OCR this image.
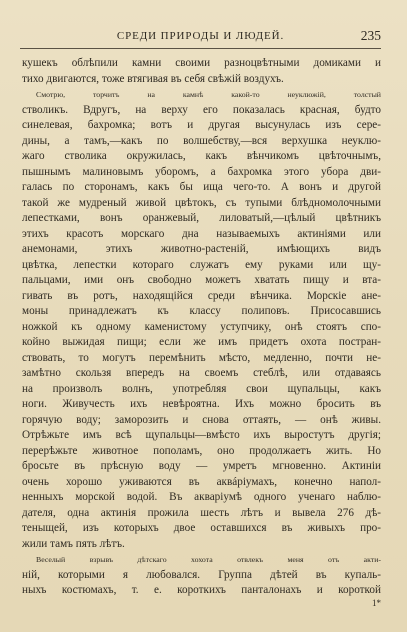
СРЕДИ ПРИРОДЫ И ЛЮДЕЙ.	235
кушекъ облѣпили камни своими разноцвѣтными домиками и
тихо двигаются, тоже втягивая въ себя свѣжій воздухъ.
Смотрю, торчитъ на камнѣ какой-то неуклюжій, толстый
стволикъ. Вдругъ, на верху его показалась красная, будто
синелевая, бахромка; вотъ и другая высунулась изъ сере-
дины, а тамъ,—какъ по волшебству,—вся верхушка неуклю-
жаго стволика окружилась, какъ вѣнчикомъ цвѣточнымъ,
пышнымъ малиновымъ уборомъ, а бахромка этого убора дви-
галась по сторонамъ, какъ бы ища чего-то. А вонъ и другой
такой же мудреный живой цвѣтокъ, съ тупыми блѣдномолочными
лепестками, вонъ оранжевый, лиловатый,—цѣлый цвѣтникъ
этихъ красотъ морскаго дна называемыхъ актиніями или
анемонами, этихъ животно-растеній, имѣющихъ видъ
цвѣтка, лепестки котораго служатъ ему руками или щу-
пальцами, ими онъ свободно можетъ хватать пищу и вта-
гивать въ ротъ, находящійся среди вѣнчика. Морскіе ане-
моны принадлежатъ къ классу полиповъ. Присосавшись
ножкой къ одному каменистому уступчику, онѣ стоятъ спо-
койно выжидая пищи; если же имъ придетъ охота постран-
ствовать, то могутъ перемѣнить мѣсто, медленно, почти не-
замѣтно скользя впередъ на своемъ стеблѣ, или отдаваясь
на произволъ волнъ, употребляя свои щупальцы, какъ
ноги. Живучесть ихъ невѣроятна. Ихъ можно бросить въ
горячую воду; заморозить и снова оттаять, — онѣ живы.
Отрѣжьте имъ всѣ щупальцы—вмѣсто ихъ выростутъ другія;
перерѣжьте животное пополамъ, оно продолжаетъ жить. Но
бросьте въ прѣсную воду — умретъ мгновенно. Актиніи
очень хорошо уживаются въ аквáріумахъ, конечно напол-
ненныхъ морской водой. Въ акваріумѣ одного ученаго наблю-
дателя, одна актинія прожила шесть лѣтъ и вывела 276 дѣ-
теныщей, изъ которыхъ двое оставшихся въ живыхъ про-
жили тамъ пять лѣтъ.
Веселый взрывъ дѣтскаго хохота отвлекъ меня отъ акти-
ній, которыми я любовался. Группа дѣтей въ купаль-
ныхъ костюмахъ, т. е. короткихъ панталонахъ и короткой
1*
